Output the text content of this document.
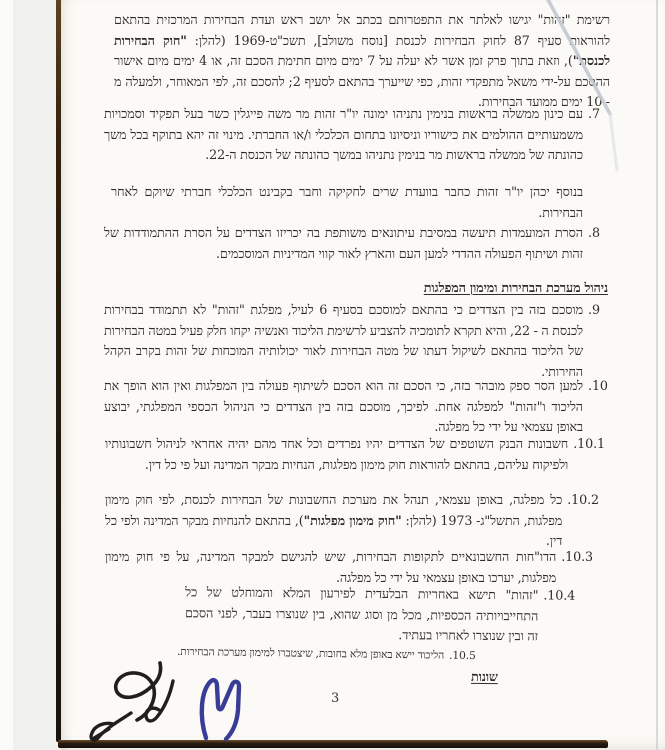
רשימת "זהות" יגישו לאלתר את התפטרותם בכתב אל יושב ראש ועדת הבחירות המרכזית בהתאם להוראות סעיף 87 לחוק הבחירות לכנסת [נוסח משולב], תשכ"ט-1969 (להלן: "חוק הבחירות לכנסת"), וזאת בתוך פרק זמן אשר לא יעלה על 7 ימים מיום חתימת הסכם זה, או 4 ימים מיום אישור ההסכם על-ידי משאל מתפקדי זהות, כפי שייערך בהתאם לסעיף 2; להסכם זה, לפי המאוחר, ולמעלה מ - 10 ימים ממועד הבחירות.
7.
עם כינון ממשלה בראשות בנימין נתניהו ימונה יו"ר זהות מר משה פייגלין כשר בעל תפקיד וסמכויות משמעותיים ההולמים את כישוריו וניסיונו בתחום הכלכלי ו/או החברתי. מינוי זה יהא בתוקף בכל משך כהונתה של ממשלה בראשות מר בנימין נתניהו במשך כהונתה של הכנסת ה-22.
בנוסף יכהן יו"ר זהות כחבר בוועדת שרים לחקיקה וחבר בקבינט הכלכלי חברתי שיוקם לאחר הבחירות.
8.
הסרת המועמדות תיעשה במסיבת עיתונאים משותפת בה יכריזו הצדדים על הסרת ההתמודדות של זהות ושיתוף הפעולה ההדדי למען העם והארץ לאור קווי המדיניות המוסכמים.
ניהול מערכת הבחירות ומימון המפלגות
9.
מוסכם בזה בין הצדדים כי בהתאם למוסכם בסעיף 6 לעיל, מפלגת "זהות" לא תתמודד בבחירות לכנסת ה - 22, והיא תקרא לתומכיה להצביע לרשימת הליכוד ואנשיה יקחו חלק פעיל במטה הבחירות של הליכוד בהתאם לשיקול דעתו של מטה הבחירות לאור יכולותיה המוכחות של זהות בקרב הקהל החירותי.
10.
למען הסר ספק מובהר בזה, כי הסכם זה הוא הסכם לשיתוף פעולה בין המפלגות ואין הוא הופך את הליכוד ו"זהות" למפלגה אחת. לפיכך, מוסכם בזה בין הצדדים כי הניהול הכספי המפלגתי, יבוצע באופן עצמאי על ידי כל מפלגה.
10.1.
חשבונות הבנק השוטפים של הצדדים יהיו נפרדים וכל אחד מהם יהיה אחראי לניהול חשבונותיו ולפיקוח עליהם, בהתאם להוראות חוק מימון מפלגות, הנחיות מבקר המדינה ועל פי כל דין.
10.2.
כל מפלגה, באופן עצמאי, תנהל את מערכת החשבונות של הבחירות לכנסת, לפי חוק מימון מפלגות, התשל"ג- 1973 (להלן: "חוק מימון מפלגות"), בהתאם להנחיות מבקר המדינה ולפי כל דין.
10.3.
הדו"חות החשבונאיים לתקופות הבחירות, שיש להגישם למבקר המדינה, על פי חוק מימון מפלגות, יערכו באופן עצמאי על ידי כל מפלגה.
10.4.
"זהות" תישא באחריות הבלעדית לפירעון המלא והמוחלט של כל התחייבויותיה הכספיות, מכל מן וסוג שהוא, בין שנוצרו בעבר, לפני הסכם זה ובין שנוצרו לאחריו בעתיד.
10.5.
הליכוד יישא באופן מלא בחובות, שיצטברו למימון מערכת הבחירות.
שונות
3
